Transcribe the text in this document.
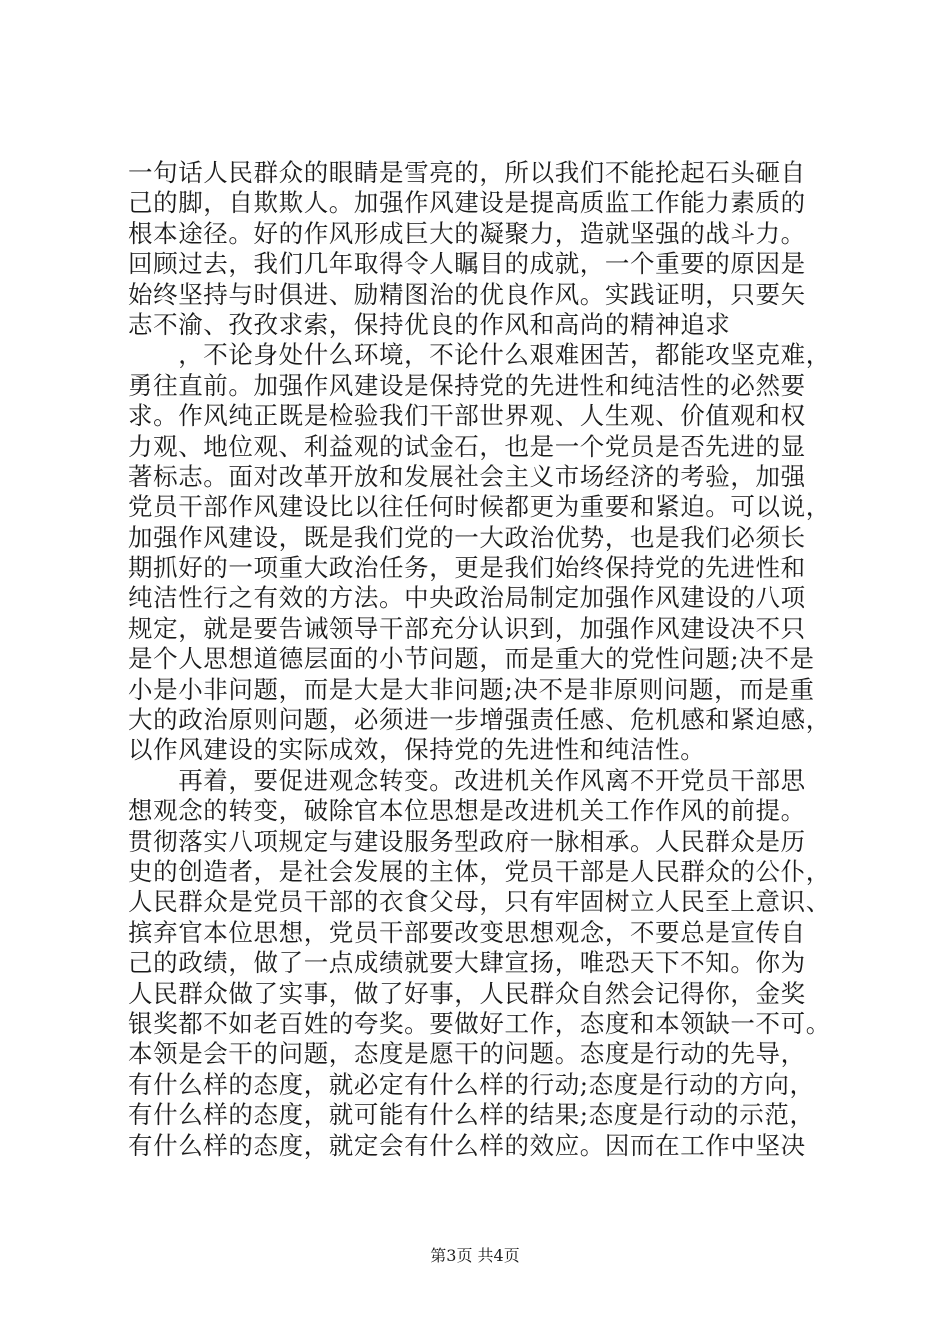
一句话人民群众的眼睛是雪亮的，所以我们不能抡起石头砸自
己的脚，自欺欺人。加强作风建设是提高质监工作能力素质的
根本途径。好的作风形成巨大的凝聚力，造就坚强的战斗力。
回顾过去，我们几年取得令人瞩目的成就，一个重要的原因是
始终坚持与时俱进、励精图治的优良作风。实践证明，只要矢
志不渝、孜孜求索，保持优良的作风和高尚的精神追求
　　，不论身处什么环境，不论什么艰难困苦，都能攻坚克难，
勇往直前。加强作风建设是保持党的先进性和纯洁性的必然要
求。作风纯正既是检验我们干部世界观、人生观、价值观和权
力观、地位观、利益观的试金石，也是一个党员是否先进的显
著标志。面对改革开放和发展社会主义市场经济的考验，加强
党员干部作风建设比以往任何时候都更为重要和紧迫。可以说，
加强作风建设，既是我们党的一大政治优势，也是我们必须长
期抓好的一项重大政治任务，更是我们始终保持党的先进性和
纯洁性行之有效的方法。中央政治局制定加强作风建设的八项
规定，就是要告诫领导干部充分认识到，加强作风建设决不只
是个人思想道德层面的小节问题，而是重大的党性问题;决不是
小是小非问题，而是大是大非问题;决不是非原则问题，而是重
大的政治原则问题，必须进一步增强责任感、危机感和紧迫感，
以作风建设的实际成效，保持党的先进性和纯洁性。
　　再着，要促进观念转变。改进机关作风离不开党员干部思
想观念的转变，破除官本位思想是改进机关工作作风的前提。
贯彻落实八项规定与建设服务型政府一脉相承。人民群众是历
史的创造者，是社会发展的主体，党员干部是人民群众的公仆，
人民群众是党员干部的衣食父母，只有牢固树立人民至上意识、
摈弃官本位思想，党员干部要改变思想观念，不要总是宣传自
己的政绩，做了一点成绩就要大肆宣扬，唯恐天下不知。你为
人民群众做了实事，做了好事，人民群众自然会记得你，金奖
银奖都不如老百姓的夸奖。要做好工作，态度和本领缺一不可。
本领是会干的问题，态度是愿干的问题。态度是行动的先导，
有什么样的态度，就必定有什么样的行动;态度是行动的方向，
有什么样的态度，就可能有什么样的结果;态度是行动的示范，
有什么样的态度，就定会有什么样的效应。因而在工作中坚决
第3页 共4页
